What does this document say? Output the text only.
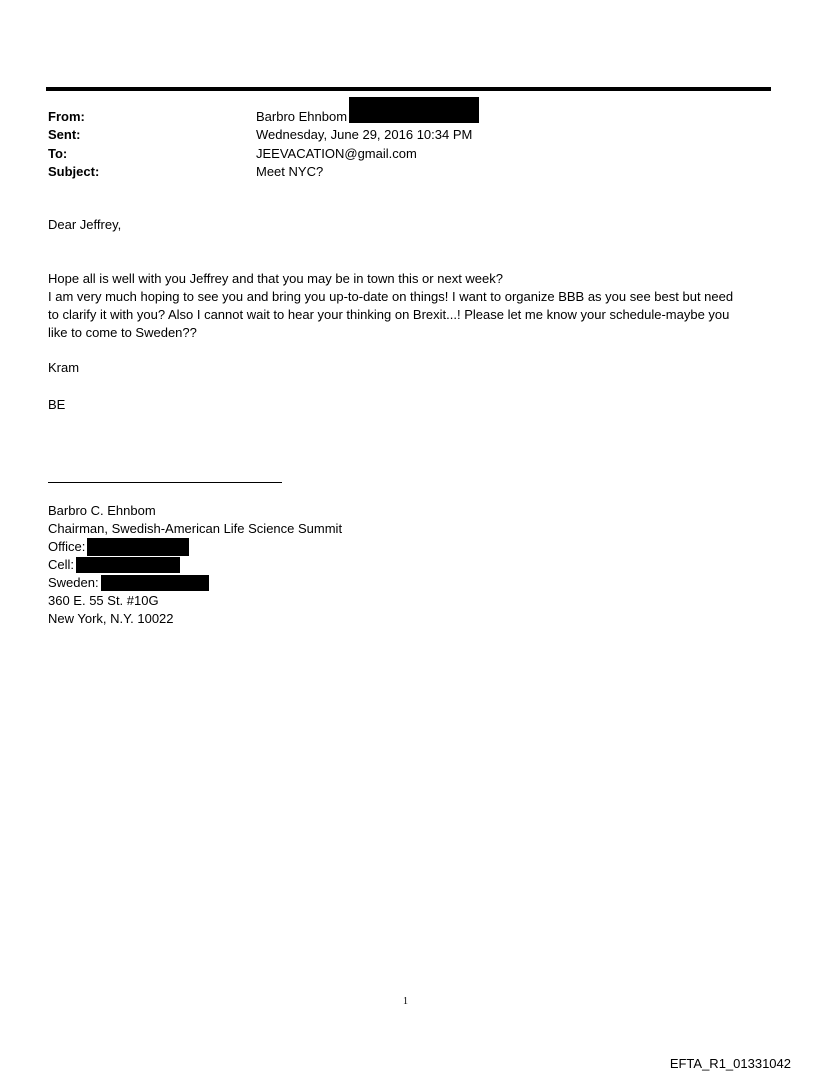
From:	Barbro Ehnbom
Sent:	Wednesday, June 29, 2016 10:34 PM
To:	JEEVACATION@gmail.com
Subject:	Meet NYC?
Dear Jeffrey,
Hope all is well with you Jeffrey and that you may be in town this or next week?
I am very much hoping to see you and bring you up-to-date on things! I want to organize BBB as you see best but need
to clarify it with you? Also I cannot wait to hear your thinking on Brexit...! Please let me know your schedule-maybe you
like to come to Sweden??
Kram
BE
Barbro C. Ehnbom
Chairman, Swedish-American Life Science Summit
Office:
Cell:
Sweden:
360 E. 55 St. #10G
New York, N.Y. 10022
1
EFTA_R1_01331042
